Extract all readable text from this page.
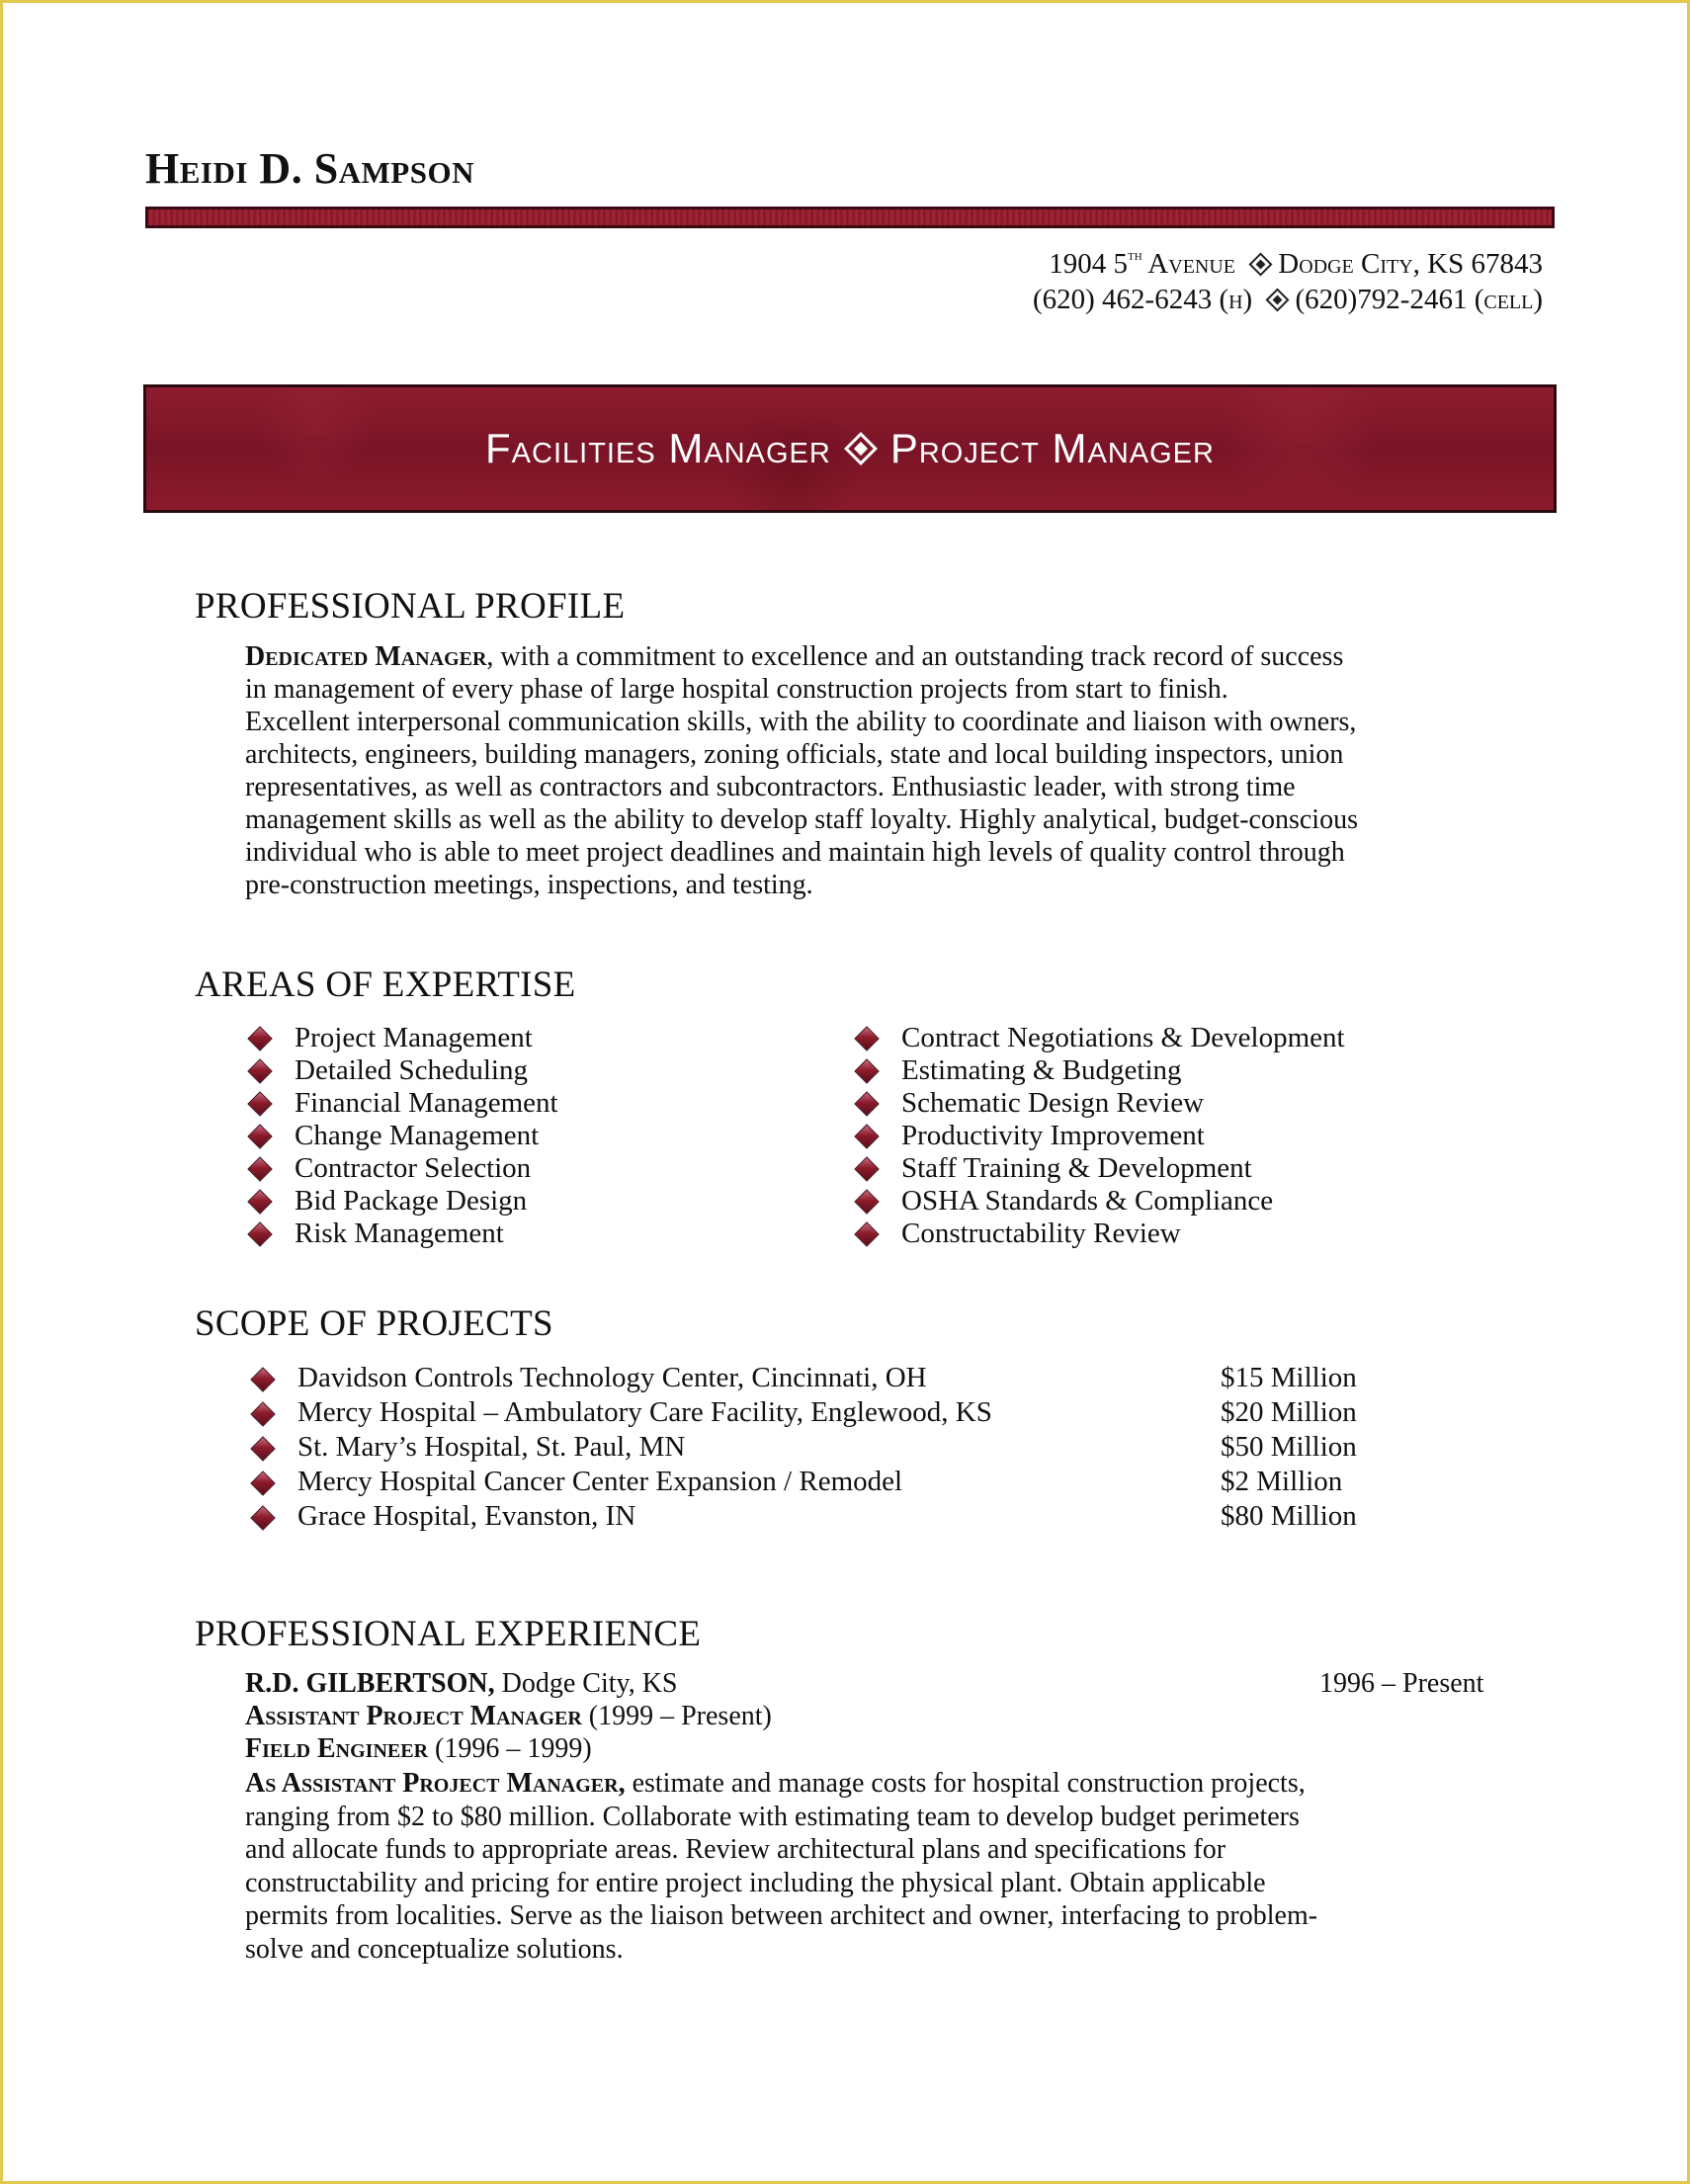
Heidi D. Sampson
1904 5th Avenue Dodge City, KS 67843
(620) 462-6243 (h) (620)792-2461 (cell)
Facilities Manager Project Manager
PROFESSIONAL PROFILE
Dedicated Manager, with a commitment to excellence and an outstanding track record of success
in management of every phase of large hospital construction projects from start to finish.
Excellent interpersonal communication skills, with the ability to coordinate and liaison with owners,
architects, engineers, building managers, zoning officials, state and local building inspectors, union
representatives, as well as contractors and subcontractors. Enthusiastic leader, with strong time
management skills as well as the ability to develop staff loyalty. Highly analytical, budget-conscious
individual who is able to meet project deadlines and maintain high levels of quality control through
pre-construction meetings, inspections, and testing.
AREAS OF EXPERTISE
Project Management
Detailed Scheduling
Financial Management
Change Management
Contractor Selection
Bid Package Design
Risk Management
Contract Negotiations & Development
Estimating & Budgeting
Schematic Design Review
Productivity Improvement
Staff Training & Development
OSHA Standards & Compliance
Constructability Review
SCOPE OF PROJECTS
Davidson Controls Technology Center, Cincinnati, OH	$15 Million
Mercy Hospital – Ambulatory Care Facility, Englewood, KS	$20 Million
St. Mary’s Hospital, St. Paul, MN	$50 Million
Mercy Hospital Cancer Center Expansion / Remodel	$2 Million
Grace Hospital, Evanston, IN	$80 Million
PROFESSIONAL EXPERIENCE
R.D. GILBERTSON, Dodge City, KS	1996 – Present
Assistant Project Manager (1999 – Present)
Field Engineer (1996 – 1999)
As Assistant Project Manager, estimate and manage costs for hospital construction projects,
ranging from $2 to $80 million. Collaborate with estimating team to develop budget perimeters
and allocate funds to appropriate areas. Review architectural plans and specifications for
constructability and pricing for entire project including the physical plant. Obtain applicable
permits from localities. Serve as the liaison between architect and owner, interfacing to problem-
solve and conceptualize solutions.
